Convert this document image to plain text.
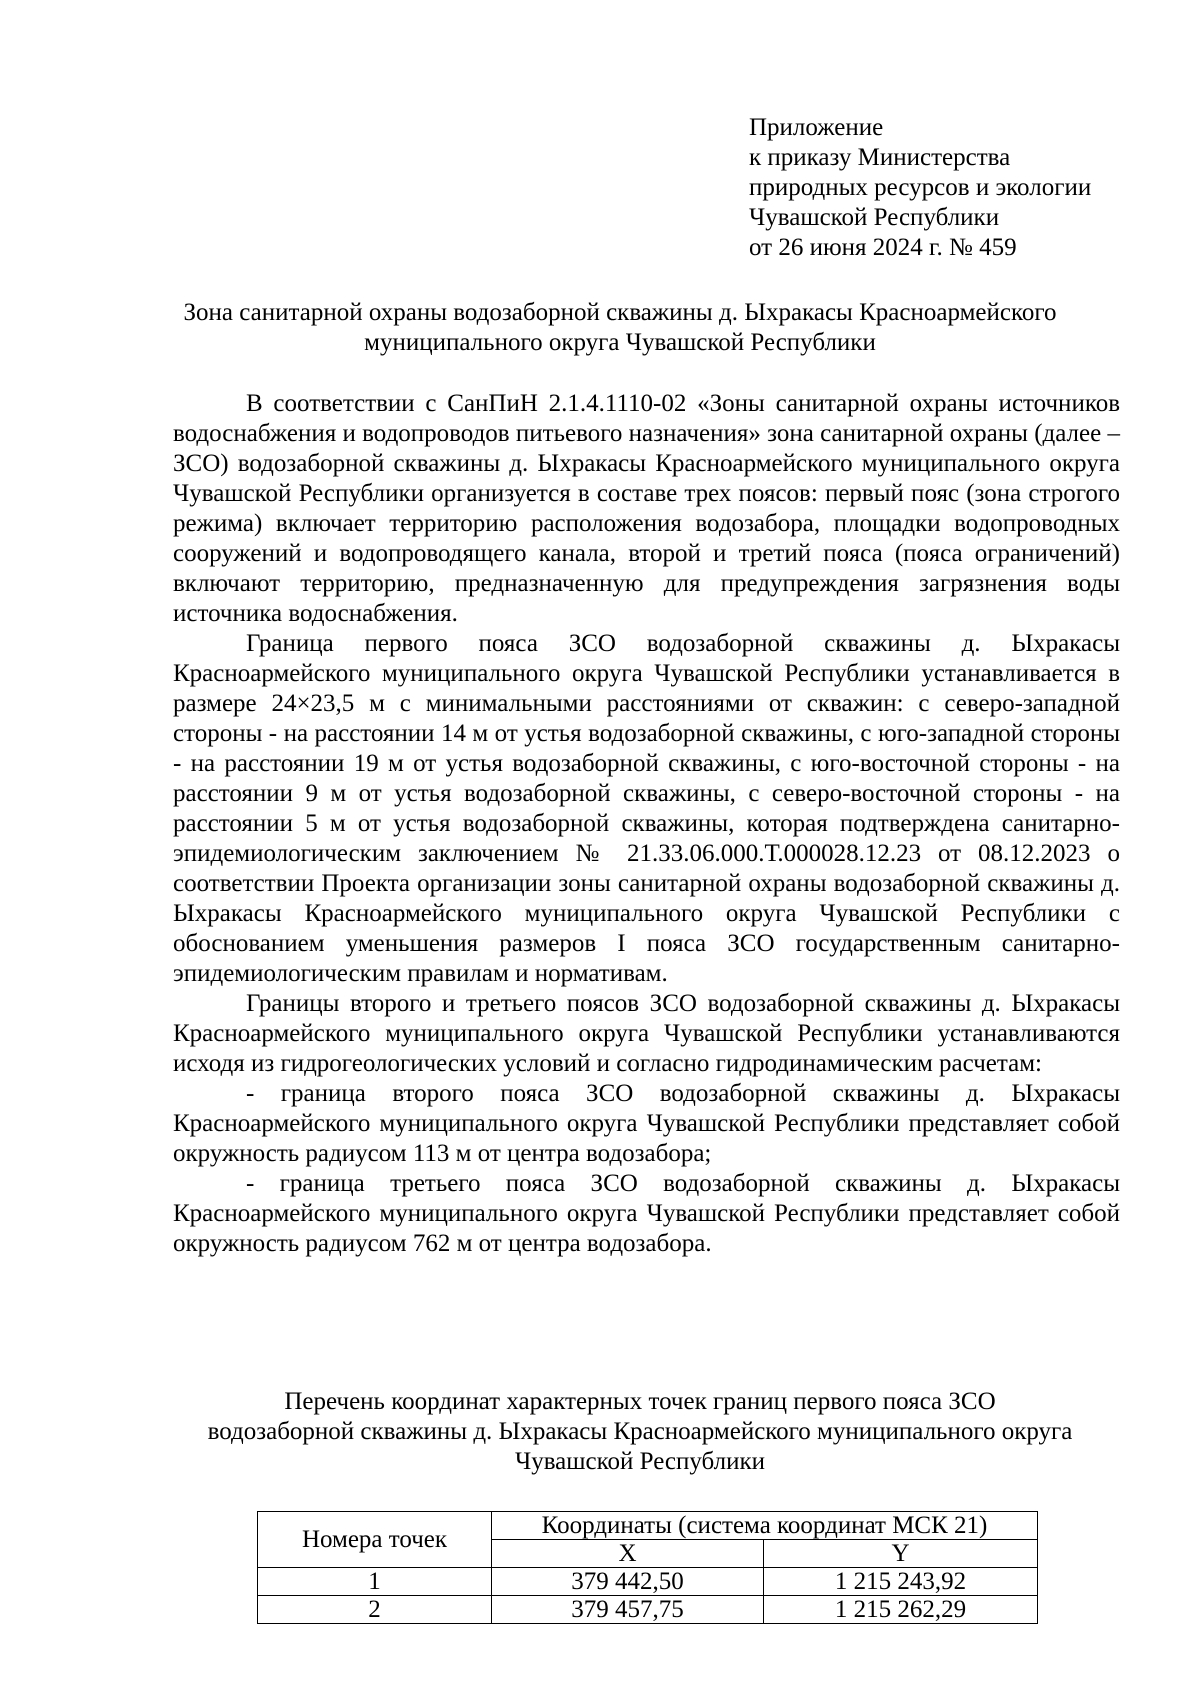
Приложение
к приказу Министерства
природных ресурсов и экологии
Чувашской Республики
от 26 июня 2024 г. № 459
Зона санитарной охраны водозаборной скважины д. Ыхракасы Красноармейского
муниципального округа Чувашской Республики

В соответствии с СанПиН 2.1.4.1110-02 «Зоны санитарной охраны источников водоснабжения и водопроводов питьевого назначения» зона санитарной охраны (далее – ЗСО) водозаборной скважины д. Ыхракасы Красноармейского муниципального округа Чувашской Республики организуется в составе трех поясов: первый пояс (зона строгого режима) включает территорию расположения водозабора, площадки водопроводных сооружений и водопроводящего канала, второй и третий пояса (пояса ограничений) включают территорию, предназначенную для предупреждения загрязнения воды источника водоснабжения.

Граница первого пояса ЗСО водозаборной скважины д. Ыхракасы Красноармейского муниципального округа Чувашской Республики устанавливается в размере 24×23,5 м с минимальными расстояниями от скважин: с северо-западной стороны - на расстоянии 14 м от устья водозаборной скважины, с юго-западной стороны - на расстоянии 19 м от устья водозаборной скважины, с юго-восточной стороны - на расстоянии 9 м от устья водозаборной скважины, с северо-восточной стороны - на расстоянии 5 м от устья водозаборной скважины, которая подтверждена санитарно-эпидемиологическим заключением № 21.33.06.000.Т.000028.12.23 от 08.12.2023 о соответствии Проекта организации зоны санитарной охраны водозаборной скважины д. Ыхракасы Красноармейского муниципального округа Чувашской Республики с обоснованием уменьшения размеров I пояса ЗСО государственным санитарно-эпидемиологическим правилам и нормативам.

Границы второго и третьего поясов ЗСО водозаборной скважины д. Ыхракасы Красноармейского муниципального округа Чувашской Республики устанавливаются исходя из гидрогеологических условий и согласно гидродинамическим расчетам:

- граница второго пояса ЗСО водозаборной скважины д. Ыхракасы Красноармейского муниципального округа Чувашской Республики представляет собой окружность радиусом 113 м от центра водозабора;

- граница третьего пояса ЗСО водозаборной скважины д. Ыхракасы Красноармейского муниципального округа Чувашской Республики представляет собой окружность радиусом 762 м от центра водозабора.

Перечень координат характерных точек границ первого пояса ЗСО
водозаборной скважины д. Ыхракасы Красноармейского муниципального округа
Чувашской Республики
Номера точек	Координаты (система координат МСК 21)	
	X	Y
1	379 442,50	1 215 243,92
2	379 457,75	1 215 262,29
